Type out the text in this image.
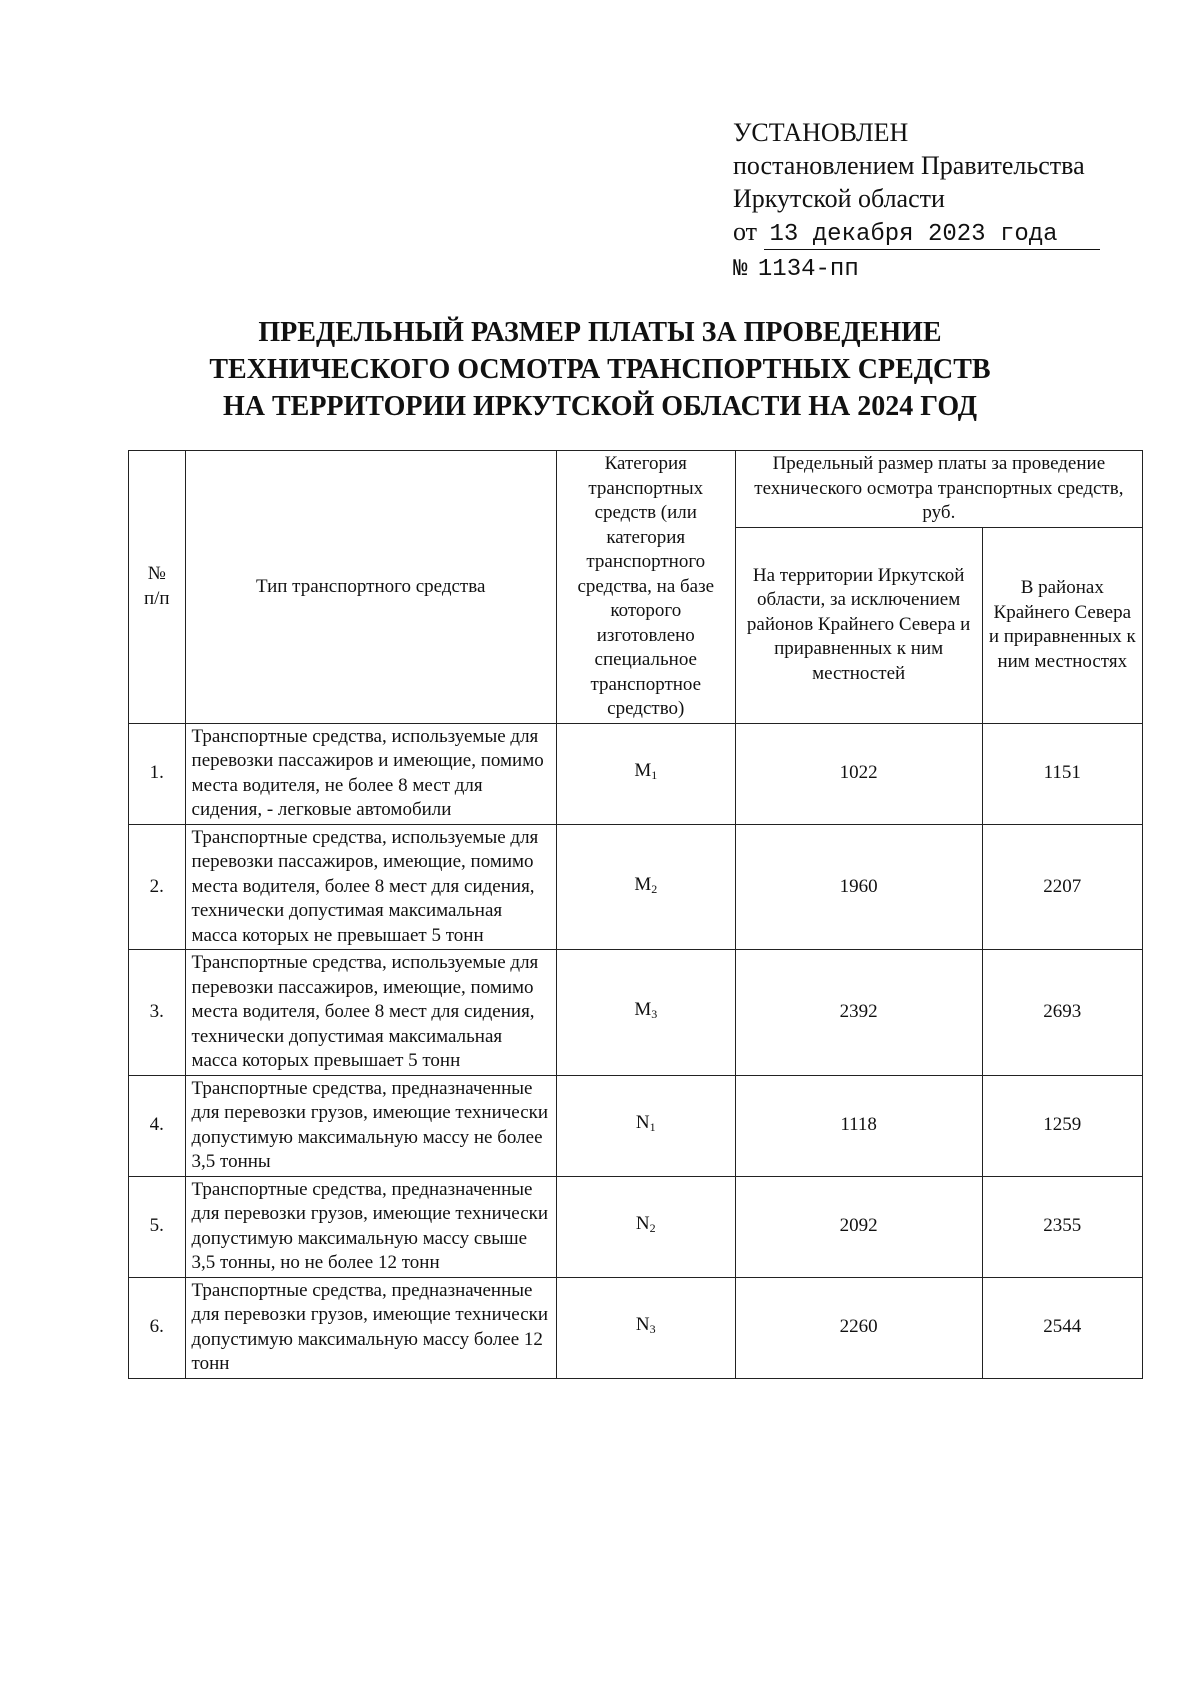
УСТАНОВЛЕН
постановлением Правительства
Иркутской области
от 13 декабря 2023 года
№ 1134-пп
ПРЕДЕЛЬНЫЙ РАЗМЕР ПЛАТЫ ЗА ПРОВЕДЕНИЕ
ТЕХНИЧЕСКОГО ОСМОТРА ТРАНСПОРТНЫХ СРЕДСТВ
НА ТЕРРИТОРИИ ИРКУТСКОЙ ОБЛАСТИ НА 2024 ГОД
№
п/п	Тип транспортного средства	Категория транспортных средств (или категория транспортного средства, на базе которого изготовлено специальное транспортное средство)	Предельный размер платы за проведение технического осмотра транспортных средств, руб.	
			На территории Иркутской области, за исключением районов Крайнего Севера и приравненных к ним местностей	В районах Крайнего Севера и приравненных к ним местностях
1.	Транспортные средства, используемые для перевозки пассажиров и имеющие, помимо места водителя, не более 8 мест для сидения, - легковые автомобили	$M_1$	1022	1151
2.	Транспортные средства, используемые для перевозки пассажиров, имеющие, помимо места водителя, более 8 мест для сидения, технически допустимая максимальная масса которых не превышает 5 тонн	$M_2$	1960	2207
3.	Транспортные средства, используемые для перевозки пассажиров, имеющие, помимо места водителя, более 8 мест для сидения, технически допустимая максимальная масса которых превышает 5 тонн	$M_3$	2392	2693
4.	Транспортные средства, предназначенные для перевозки грузов, имеющие технически допустимую максимальную массу не более 3,5 тонны	$N_1$	1118	1259
5.	Транспортные средства, предназначенные для перевозки грузов, имеющие технически допустимую максимальную массу свыше 3,5 тонны, но не более 12 тонн	$N_2$	2092	2355
6.	Транспортные средства, предназначенные для перевозки грузов, имеющие технически допустимую максимальную массу более 12 тонн	$N_3$	2260	2544
